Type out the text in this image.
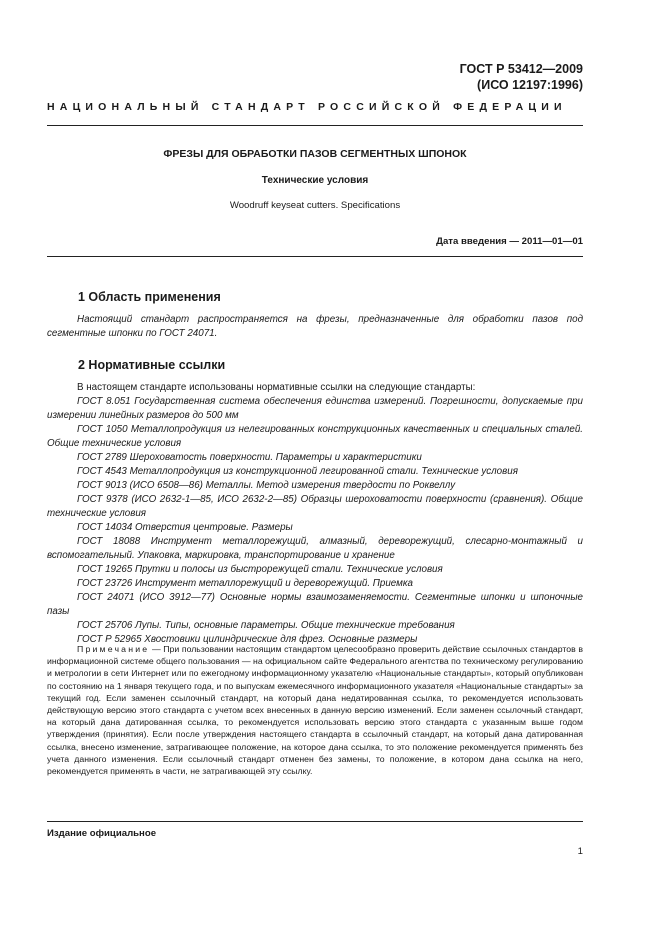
ГОСТ Р 53412—2009
(ИСО 12197:1996)
НАЦИОНАЛЬНЫЙ СТАНДАРТ РОССИЙСКОЙ ФЕДЕРАЦИИ
ФРЕЗЫ ДЛЯ ОБРАБОТКИ ПАЗОВ СЕГМЕНТНЫХ ШПОНОК
Технические условия
Woodruff keyseat cutters. Specifications
Дата введения — 2011—01—01
1 Область применения

Настоящий стандарт распространяется на фрезы, предназначенные для обработки пазов под сегментные шпонки по ГОСТ 24071.

2 Нормативные ссылки

В настоящем стандарте использованы нормативные ссылки на следующие стандарты:

ГОСТ 8.051 Государственная система обеспечения единства измерений. Погрешности, допускаемые при измерении линейных размеров до 500 мм

ГОСТ 1050 Металлопродукция из нелегированных конструкционных качественных и специальных сталей. Общие технические условия

ГОСТ 2789 Шероховатость поверхности. Параметры и характеристики

ГОСТ 4543 Металлопродукция из конструкционной легированной стали. Технические условия

ГОСТ 9013 (ИСО 6508—86) Металлы. Метод измерения твердости по Роквеллу

ГОСТ 9378 (ИСО 2632-1—85, ИСО 2632-2—85) Образцы шероховатости поверхности (сравнения). Общие технические условия

ГОСТ 14034 Отверстия центровые. Размеры

ГОСТ 18088 Инструмент металлорежущий, алмазный, дереворежущий, слесарно-монтажный и вспомогательный. Упаковка, маркировка, транспортирование и хранение

ГОСТ 19265 Прутки и полосы из быстрорежущей стали. Технические условия

ГОСТ 23726 Инструмент металлорежущий и дереворежущий. Приемка

ГОСТ 24071 (ИСО 3912—77) Основные нормы взаимозаменяемости. Сегментные шпонки и шпоночные пазы

ГОСТ 25706 Лупы. Типы, основные параметры. Общие технические требования

ГОСТ Р 52965 Хвостовики цилиндрические для фрез. Основные размеры

Примечание — При пользовании настоящим стандартом целесообразно проверить действие ссылочных стандартов в информационной системе общего пользования — на официальном сайте Федерального агентства по техническому регулированию и метрологии в сети Интернет или по ежегодному информационному указателю «Национальные стандарты», который опубликован по состоянию на 1 января текущего года, и по выпускам ежемесячного информационного указателя «Национальные стандарты» за текущий год. Если заменен ссылочный стандарт, на который дана недатированная ссылка, то рекомендуется использовать действующую версию этого стандарта с учетом всех внесенных в данную версию изменений. Если заменен ссылочный стандарт, на который дана датированная ссылка, то рекомендуется использовать версию этого стандарта с указанным выше годом утверждения (принятия). Если после утверждения настоящего стандарта в ссылочный стандарт, на который дана датированная ссылка, внесено изменение, затрагивающее положение, на которое дана ссылка, то это положение рекомендуется применять без учета данного изменения. Если ссылочный стандарт отменен без замены, то положение, в котором дана ссылка на него, рекомендуется применять в части, не затрагивающей эту ссылку.
Издание официальное
1
